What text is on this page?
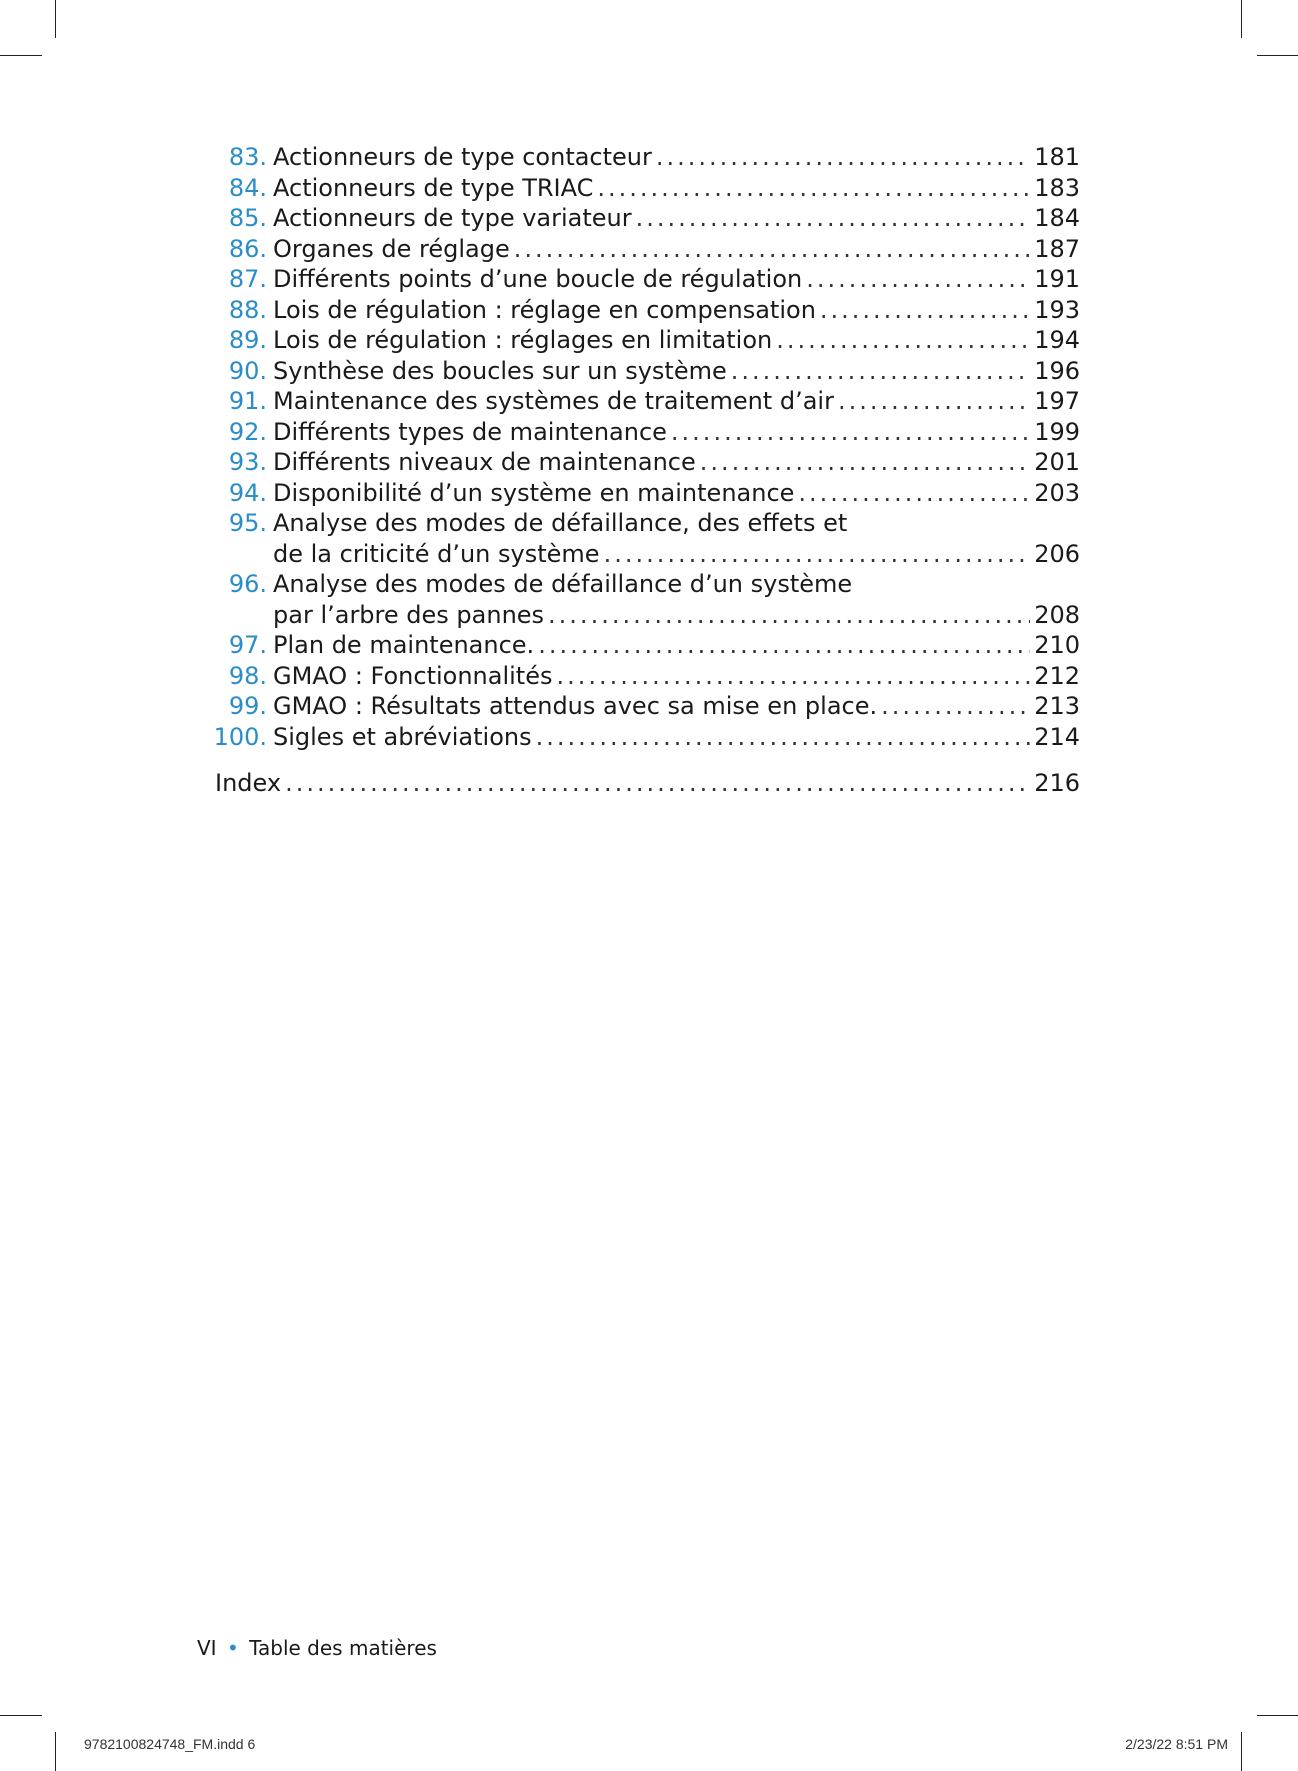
83. Actionneurs de type contacteur .....	181
84. Actionneurs de type TRIAC .....	183
85. Actionneurs de type variateur .....	184
86. Organes de réglage .....	187
87. Différents points d’une boucle de régulation .....	191
88. Lois de régulation : réglage en compensation .....	193
89. Lois de régulation : réglages en limitation .....	194
90. Synthèse des boucles sur un système .....	196
91. Maintenance des systèmes de traitement d’air .....	197
92. Différents types de maintenance .....	199
93. Différents niveaux de maintenance .....	201
94. Disponibilité d’un système en maintenance .....	203
95. Analyse des modes de défaillance, des effets et
de la criticité d’un système .....	206
96. Analyse des modes de défaillance d’un système
par l’arbre des pannes .....	208
97. Plan de maintenance. .....	210
98. GMAO : Fonctionnalités .....	212
99. GMAO : Résultats attendus avec sa mise en place. .....	213
100. Sigles et abréviations .....	214
Index .....	216
VI • Table des matières
9782100824748_FM.indd 6	2/23/22 8:51 PM
